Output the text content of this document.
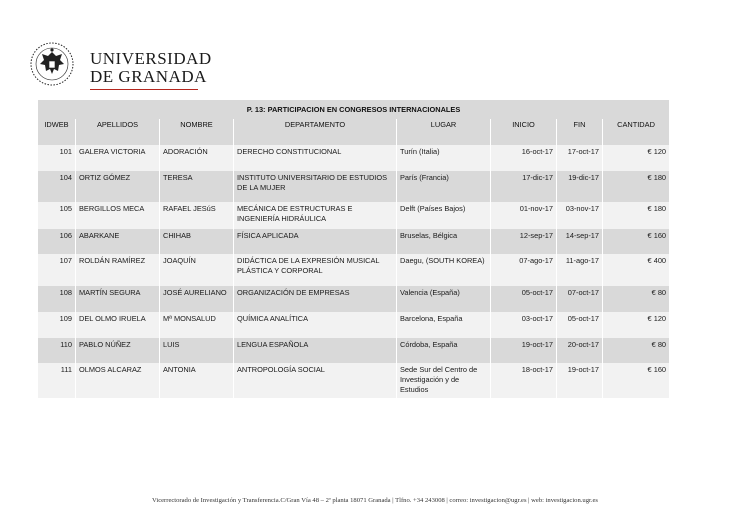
UNIVERSIDAD
DE GRANADA
P. 13: PARTICIPACION EN CONGRESOS INTERNACIONALES							
IDWEB	APELLIDOS	NOMBRE	DEPARTAMENTO	LUGAR	INICIO	FIN	CANTIDAD
101	GALERA VICTORIA	ADORACIÓN	DERECHO CONSTITUCIONAL	Turín (Italia)	16-oct-17	17-oct-17	€ 120
104	ORTIZ GÓMEZ	TERESA	INSTITUTO UNIVERSITARIO DE ESTUDIOS DE LA MUJER	París (Francia)	17-dic-17	19-dic-17	€ 180
105	BERGILLOS MECA	RAFAEL JESúS	MECÁNICA DE ESTRUCTURAS E INGENIERÍA HIDRÁULICA	Delft (Países Bajos)	01-nov-17	03-nov-17	€ 180
106	ABARKANE	CHIHAB	FÍSICA APLICADA	Bruselas, Bélgica	12-sep-17	14-sep-17	€ 160
107	ROLDÁN RAMÍREZ	JOAQUÍN	DIDÁCTICA DE LA EXPRESIÓN MUSICAL PLÁSTICA Y CORPORAL	Daegu, (SOUTH KOREA)	07-ago-17	11-ago-17	€ 400
108	MARTÍN SEGURA	JOSÉ AURELIANO	ORGANIZACIÓN DE EMPRESAS	Valencia (España)	05-oct-17	07-oct-17	€ 80
109	DEL OLMO IRUELA	Mª MONSALUD	QUÍMICA ANALÍTICA	Barcelona, España	03-oct-17	05-oct-17	€ 120
110	PABLO NÚÑEZ	LUIS	LENGUA ESPAÑOLA	Córdoba, España	19-oct-17	20-oct-17	€ 80
111	OLMOS ALCARAZ	ANTONIA	ANTROPOLOGÍA SOCIAL	Sede Sur del Centro de Investigación y de Estudios	18-oct-17	19-oct-17	€ 160
Vicerrectorado de Investigación y Transferencia.C/Gran Vía 48 – 2ª planta 18071 Granada | Tlfno. +34 243008 | correo: investigacion@ugr.es | web: investigacion.ugr.es
